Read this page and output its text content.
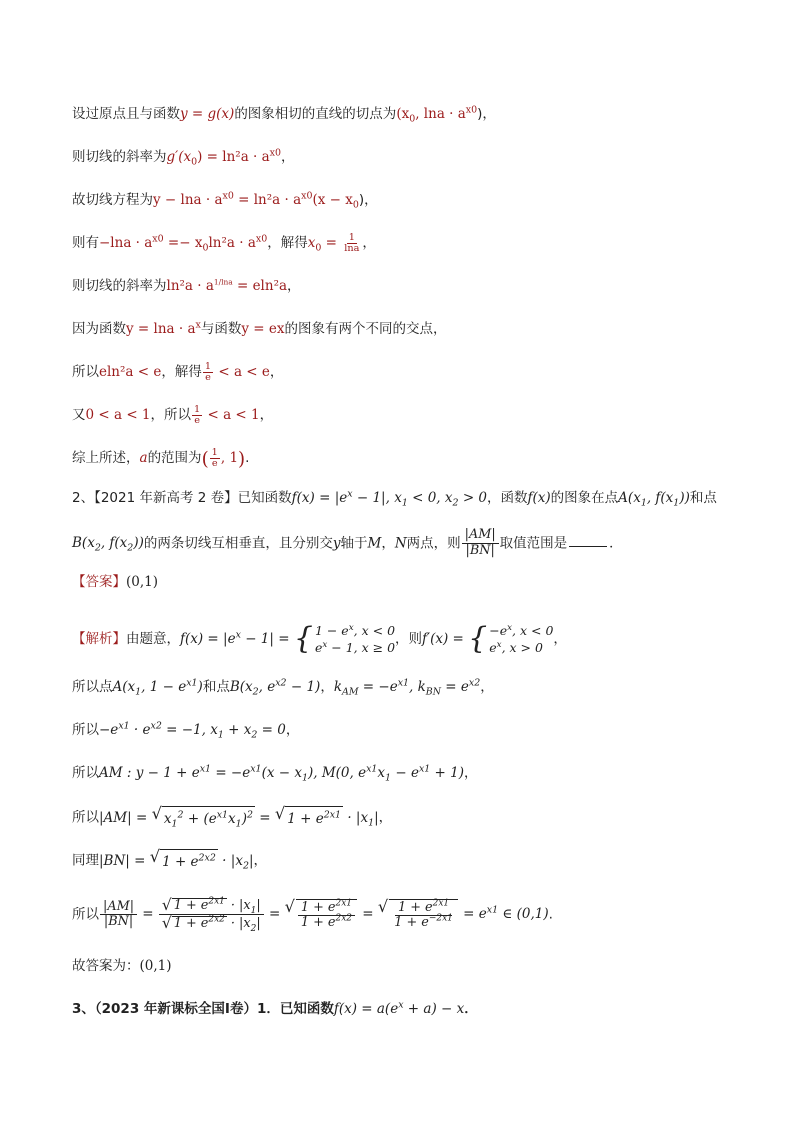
设过原点且与函数y = g(x)的图象相切的直线的切点为($x_0$, $\ln a \cdot a^{x0}$)，
则切线的斜率为$g'(x_0) = \ln^2a \cdot a^{x0}$，
故切线方程为$y - \ln a \cdot a^{x0} = \ln^2a \cdot a^{x0}(x - x_0)$，
则有$-\ln a \cdot a^{x0} =- x_0\ln^2a \cdot a^{x0}$，解得$x_0 = \frac{1}{\ln a}$ ，
则切线的斜率为$\ln^2a \cdot a^{1/lna} = eln^2a$，
因为函数$y = \ln a \cdot a^x$与函数y = ex的图象有两个不同的交点，
所以eln²a < e，解得 $\frac{1}{e} < a < e$，
又0 < a < 1，所以 $\frac{1}{e} < a < 1$，
综上所述，a的范围为( $\frac{1}{e}$ , 1).
2、【2021 年新高考 2 卷】已知函数$f(x) = |e^x - 1|$, $x_1 < 0$, $x_2 > 0$，函数f(x)的图象在点$A(x_1$, $f(x_1)$)和点
$B(x_2$, $f(x_2)$)的两条切线互相垂直，且分别交y轴于M，N两点，则 $\frac{|AM|}{|BN|}$ 取值范围是	．
【答案】(0,1)
【解析】由题意，$f(x) = |e^x - 1|$ = { $1 - e^x$, x < 0
$e^x - 1$, x ≥ 0
，则f′(x) = { $-e^x$, x < 0
$e^x$, x > 0
，
所以点$A(x_1$, $1 - e^{x1}$)和点$B(x_2$, $e^{x2} - 1$)，$k_{AM} = -e^{x1}$, $k_{BN} = e^{x2}$，
所以$-e^{x1} \cdot e^{x2} = -1$, $x_1 + x_2 = 0$，
所以AM : $y - 1 + e^{x1} = -e^{x1}(x - x_1)$, M(0, $e^{x1}x_1 - e^{x1} + 1$)，
所以|AM| = √ $x_1^2 + (e^{x1}x_1)^2$ = √ $1 + e^{2x1} \cdot |x_1|$，
同理|BN| = √ $1 + e^{2x2} \cdot |x_2|$，
所以 $\frac{|AM|}{|BN|} = \frac{√ 1 + e^{2x1} \cdot |x_1|}{√ 1 + e^{2x2} \cdot |x_2|}$ = √ $\frac{1 + e^{2x1}}{1 + e^{2x2}}$ = √ $\frac{1 + e^{2x1}}{1 + e^{-2x1}} = e^{x1}$ ∈ (0,1).
故答案为：(0,1)
3、（2023 年新课标全国Ⅰ卷）1．已知函数$f(x) = a(e^x + a) - x$．
